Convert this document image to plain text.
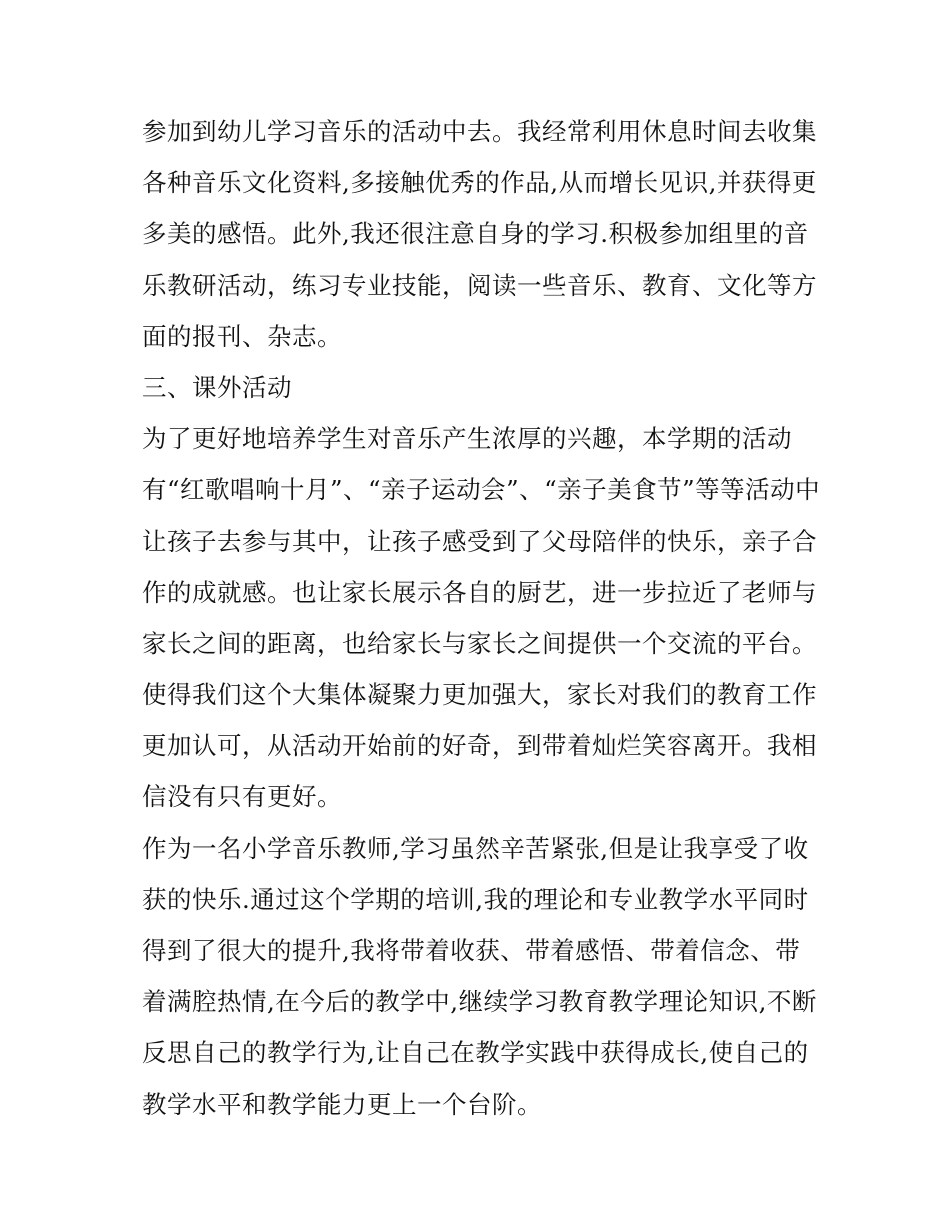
参加到幼儿学习音乐的活动中去。我经常利用休息时间去收集
各种音乐文化资料,多接触优秀的作品,从而增长见识,并获得更
多美的感悟。此外,我还很注意自身的学习.积极参加组里的音
乐教研活动，练习专业技能，阅读一些音乐、教育、文化等方
面的报刊、杂志。
三、课外活动
为了更好地培养学生对音乐产生浓厚的兴趣，本学期的活动
有“红歌唱响十月”、“亲子运动会”、“亲子美食节”等等活动中
让孩子去参与其中，让孩子感受到了父母陪伴的快乐，亲子合
作的成就感。也让家长展示各自的厨艺，进一步拉近了老师与
家长之间的距离，也给家长与家长之间提供一个交流的平台。
使得我们这个大集体凝聚力更加强大，家长对我们的教育工作
更加认可，从活动开始前的好奇，到带着灿烂笑容离开。我相
信没有只有更好。
作为一名小学音乐教师,学习虽然辛苦紧张,但是让我享受了收
获的快乐.通过这个学期的培训,我的理论和专业教学水平同时
得到了很大的提升,我将带着收获、带着感悟、带着信念、带
着满腔热情,在今后的教学中,继续学习教育教学理论知识,不断
反思自己的教学行为,让自己在教学实践中获得成长,使自己的
教学水平和教学能力更上一个台阶。
